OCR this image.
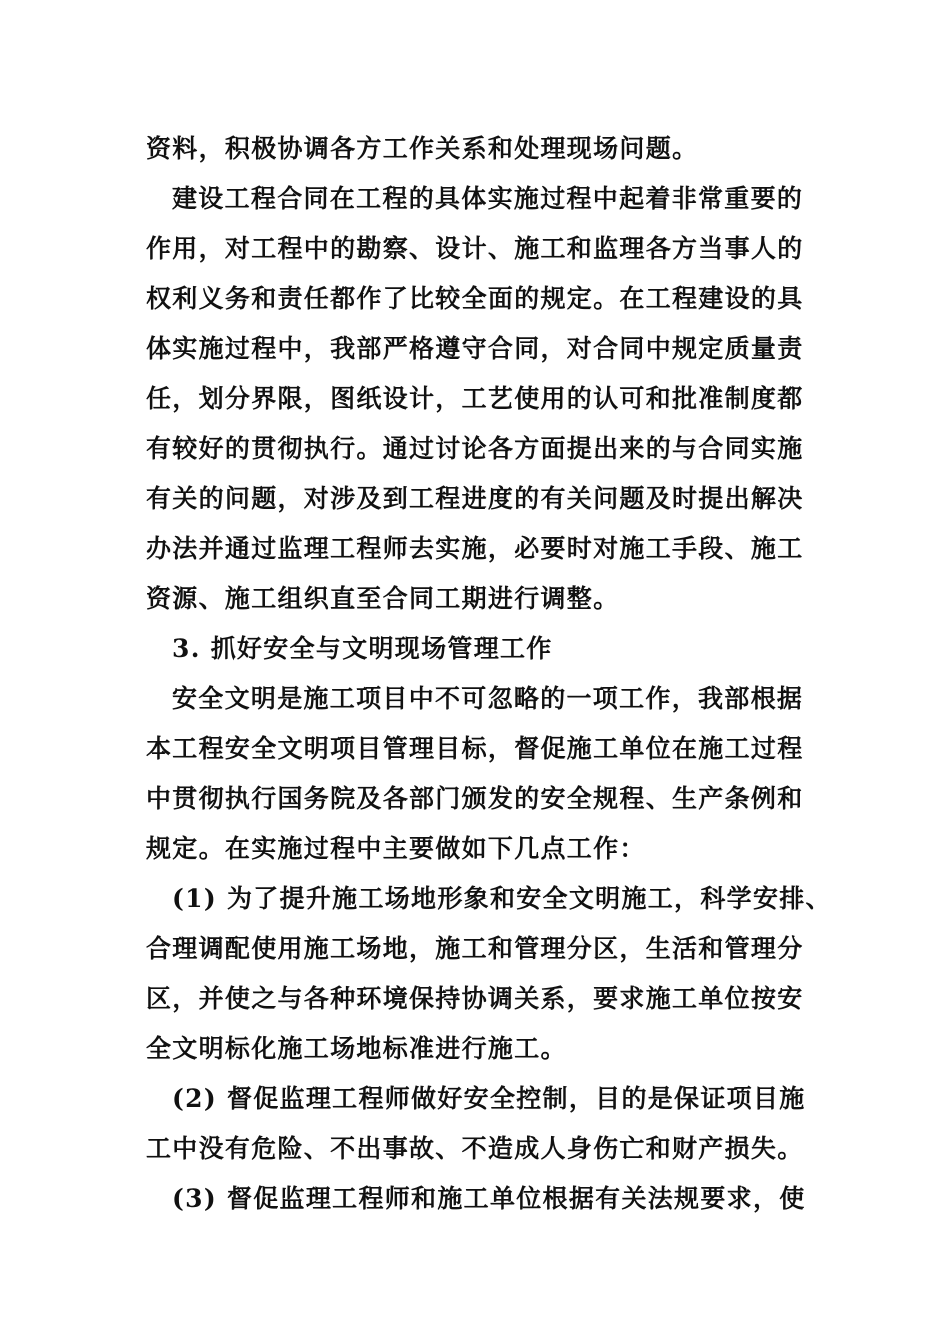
资料，积极协调各方工作关系和处理现场问题。

建设工程合同在工程的具体实施过程中起着非常重要的

作用，对工程中的勘察、设计、施工和监理各方当事人的

权利义务和责任都作了比较全面的规定。在工程建设的具

体实施过程中，我部严格遵守合同，对合同中规定质量责

任，划分界限，图纸设计，工艺使用的认可和批准制度都

有较好的贯彻执行。通过讨论各方面提出来的与合同实施

有关的问题，对涉及到工程进度的有关问题及时提出解决

办法并通过监理工程师去实施，必要时对施工手段、施工

资源、施工组织直至合同工期进行调整。

3. 抓好安全与文明现场管理工作

安全文明是施工项目中不可忽略的一项工作，我部根据

本工程安全文明项目管理目标，督促施工单位在施工过程

中贯彻执行国务院及各部门颁发的安全规程、生产条例和

规定。在实施过程中主要做如下几点工作：

(1) 为了提升施工场地形象和安全文明施工，科学安排、

合理调配使用施工场地，施工和管理分区，生活和管理分

区，并使之与各种环境保持协调关系，要求施工单位按安

全文明标化施工场地标准进行施工。

(2) 督促监理工程师做好安全控制，目的是保证项目施

工中没有危险、不出事故、不造成人身伤亡和财产损失。

(3) 督促监理工程师和施工单位根据有关法规要求，使
